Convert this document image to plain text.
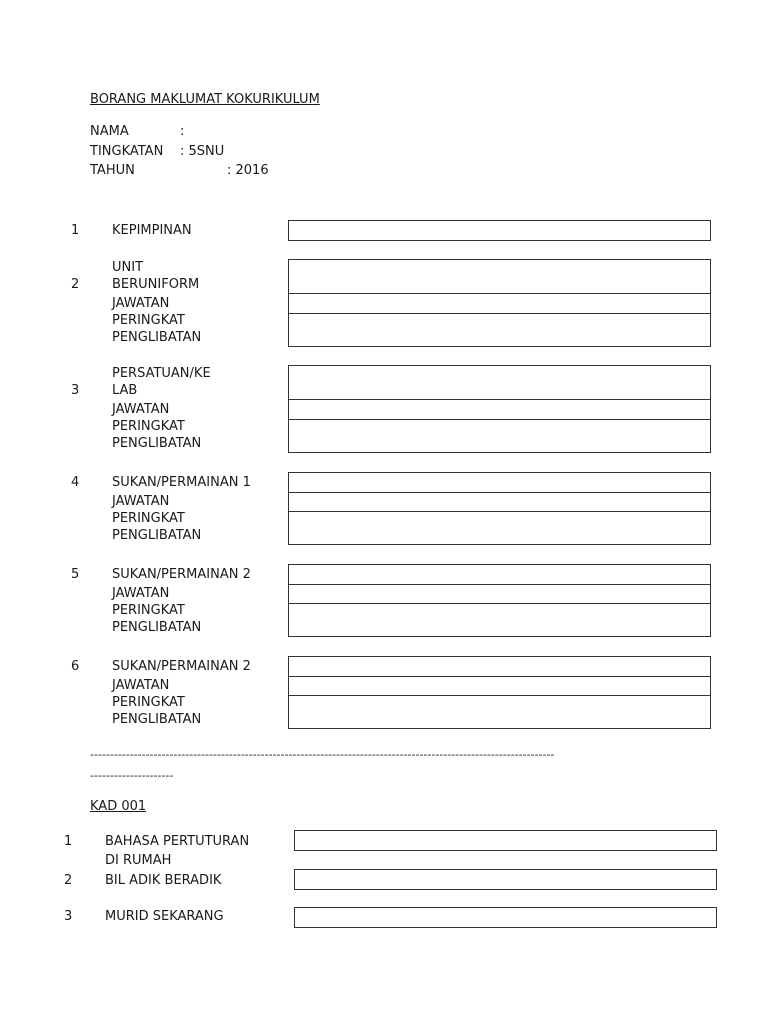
BORANG MAKLUMAT KOKURIKULUM
NAMA	:
TINGKATAN : 5SNU
TAHUN	: 2016
1	KEPIMPINAN
UNIT
2	BERUNIFORM
JAWATAN
PERINGKAT
PENGLIBATAN
PERSATUAN/KE
3	LAB
JAWATAN
PERINGKAT
PENGLIBATAN
4	SUKAN/PERMAINAN 1
JAWATAN
PERINGKAT
PENGLIBATAN
5	SUKAN/PERMAINAN 2
JAWATAN
PERINGKAT
PENGLIBATAN
6	SUKAN/PERMAINAN 2
JAWATAN
PERINGKAT
PENGLIBATAN
---------------------------------------------------------------------------------------------------------------------
---------------------
KAD 001
1	BAHASA PERTUTURAN
DI RUMAH
2	BIL ADIK BERADIK
3	MURID SEKARANG
